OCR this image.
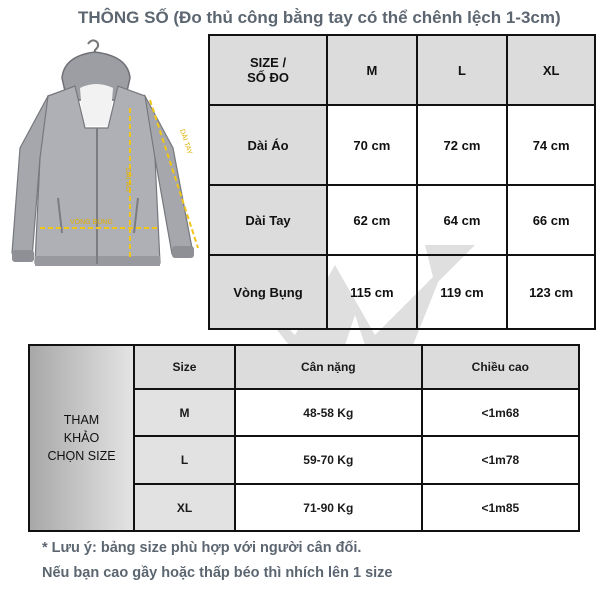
THÔNG SỐ (Đo thủ công bằng tay có thể chênh lệch 1-3cm)
DÀI ÁO
DÀI TAY
VÒNG BỤNG
SIZE /
SỐ ĐO	M	L	XL
Dài Áo	70 cm	72 cm	74 cm
Dài Tay	62 cm	64 cm	66 cm
Vòng Bụng	115 cm	119 cm	123 cm
THAM
KHẢO
CHỌN SIZE	Size	Cân nặng	Chiều cao
	M	48-58 Kg	<1m68
	L	59-70 Kg	<1m78
	XL	71-90 Kg	<1m85
* Lưu ý: bảng size phù hợp với người cân đối.
Nếu bạn cao gầy hoặc thấp béo thì nhích lên 1 size
